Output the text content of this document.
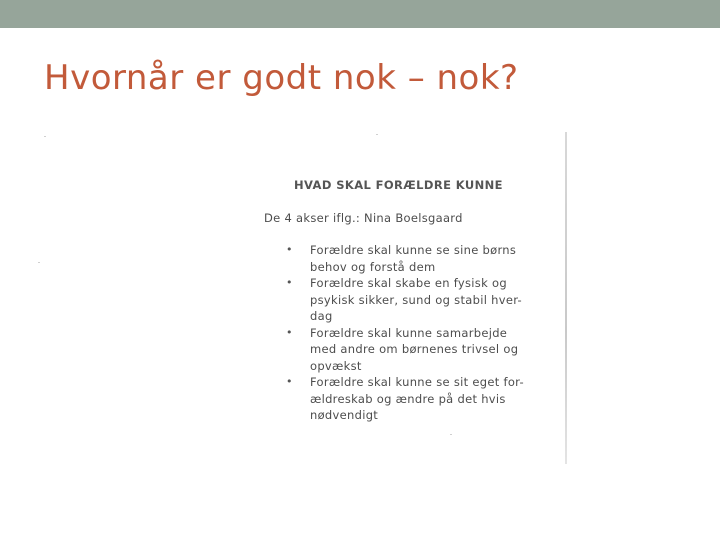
Hvornår er godt nok – nok?

HVAD SKAL FORÆLDRE KUNNE

De 4 akser iflg.: Nina Boelsgaard

• Forældre skal kunne se sine børns
behov og forstå dem
• Forældre skal skabe en fysisk og
psykisk sikker, sund og stabil hver-
dag
• Forældre skal kunne samarbejde
med andre om børnenes trivsel og
opvækst
• Forældre skal kunne se sit eget for-
ældreskab og ændre på det hvis
nødvendigt
